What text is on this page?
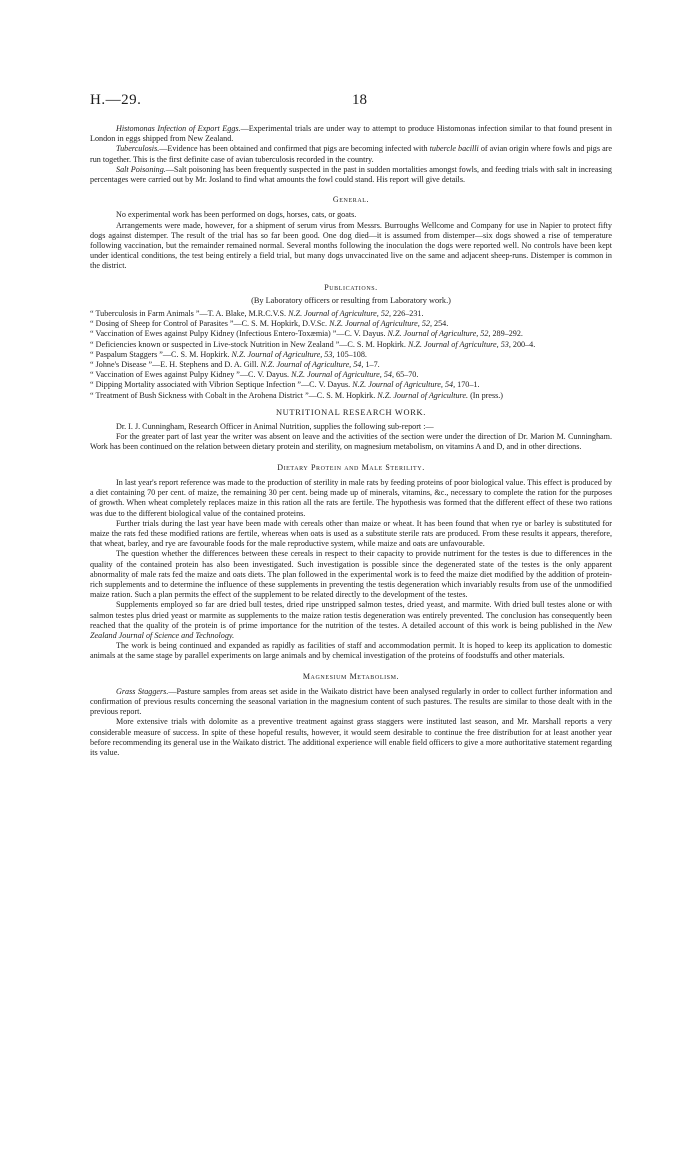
H.—29.	18

Histomonas Infection of Export Eggs.—Experimental trials are under way to attempt to produce Histomonas infection similar to that found present in London in eggs shipped from New Zealand.

Tuberculosis.—Evidence has been obtained and confirmed that pigs are becoming infected with tubercle bacilli of avian origin where fowls and pigs are run together. This is the first definite case of avian tuberculosis recorded in the country.

Salt Poisoning.—Salt poisoning has been frequently suspected in the past in sudden mortalities amongst fowls, and feeding trials with salt in increasing percentages were carried out by Mr. Josland to find what amounts the fowl could stand. His report will give details.

General.

No experimental work has been performed on dogs, horses, cats, or goats.

Arrangements were made, however, for a shipment of serum virus from Messrs. Burroughs Wellcome and Company for use in Napier to protect fifty dogs against distemper. The result of the trial has so far been good. One dog died—it is assumed from distemper—six dogs showed a rise of temperature following vaccination, but the remainder remained normal. Several months following the inoculation the dogs were reported well. No controls have been kept under identical conditions, the test being entirely a field trial, but many dogs unvaccinated live on the same and adjacent sheep-runs. Distemper is common in the district.

Publications.
(By Laboratory officers or resulting from Laboratory work.)
“ Tuberculosis in Farm Animals ”—T. A. Blake, M.R.C.V.S. N.Z. Journal of Agriculture, 52, 226–231.
“ Dosing of Sheep for Control of Parasites ”—C. S. M. Hopkirk, D.V.Sc. N.Z. Journal of Agriculture, 52, 254.
“ Vaccination of Ewes against Pulpy Kidney (Infectious Entero-Toxæmia) ”—C. V. Dayus. N.Z. Journal of Agriculture, 52, 289–292.
“ Deficiencies known or suspected in Live-stock Nutrition in New Zealand ”—C. S. M. Hopkirk. N.Z. Journal of Agriculture, 53, 200–4.
“ Paspalum Staggers ”—C. S. M. Hopkirk. N.Z. Journal of Agriculture, 53, 105–108.
“ Johne's Disease ”—E. H. Stephens and D. A. Gill. N.Z. Journal of Agriculture, 54, 1–7.
“ Vaccination of Ewes against Pulpy Kidney ”—C. V. Dayus. N.Z. Journal of Agriculture, 54, 65–70.
“ Dipping Mortality associated with Vibrion Septique Infection ”—C. V. Dayus. N.Z. Journal of Agriculture, 54, 170–1.
“ Treatment of Bush Sickness with Cobalt in the Arohena District ”—C. S. M. Hopkirk. N.Z. Journal of Agriculture. (In press.)
NUTRITIONAL RESEARCH WORK.

Dr. I. J. Cunningham, Research Officer in Animal Nutrition, supplies the following sub-report :—

For the greater part of last year the writer was absent on leave and the activities of the section were under the direction of Dr. Marion M. Cunningham. Work has been continued on the relation between dietary protein and sterility, on magnesium metabolism, on vitamins A and D, and in other directions.

Dietary Protein and Male Sterility.

In last year's report reference was made to the production of sterility in male rats by feeding proteins of poor biological value. This effect is produced by a diet containing 70 per cent. of maize, the remaining 30 per cent. being made up of minerals, vitamins, &c., necessary to complete the ration for the purposes of growth. When wheat completely replaces maize in this ration all the rats are fertile. The hypothesis was formed that the different effect of these two rations was due to the different biological value of the contained proteins.

Further trials during the last year have been made with cereals other than maize or wheat. It has been found that when rye or barley is substituted for maize the rats fed these modified rations are fertile, whereas when oats is used as a substitute sterile rats are produced. From these results it appears, therefore, that wheat, barley, and rye are favourable foods for the male reproductive system, while maize and oats are unfavourable.

The question whether the differences between these cereals in respect to their capacity to provide nutriment for the testes is due to differences in the quality of the contained protein has also been investigated. Such investigation is possible since the degenerated state of the testes is the only apparent abnormality of male rats fed the maize and oats diets. The plan followed in the experimental work is to feed the maize diet modified by the addition of protein-rich supplements and to determine the influence of these supplements in preventing the testis degeneration which invariably results from use of the unmodified maize ration. Such a plan permits the effect of the supplement to be related directly to the development of the testes.

Supplements employed so far are dried bull testes, dried ripe unstripped salmon testes, dried yeast, and marmite. With dried bull testes alone or with salmon testes plus dried yeast or marmite as supplements to the maize ration testis degeneration was entirely prevented. The conclusion has consequently been reached that the quality of the protein is of prime importance for the nutrition of the testes. A detailed account of this work is being published in the New Zealand Journal of Science and Technology.

The work is being continued and expanded as rapidly as facilities of staff and accommodation permit. It is hoped to keep its application to domestic animals at the same stage by parallel experiments on large animals and by chemical investigation of the proteins of foodstuffs and other materials.

Magnesium Metabolism.

Grass Staggers.—Pasture samples from areas set aside in the Waikato district have been analysed regularly in order to collect further information and confirmation of previous results concerning the seasonal variation in the magnesium content of such pastures. The results are similar to those dealt with in the previous report.

More extensive trials with dolomite as a preventive treatment against grass staggers were instituted last season, and Mr. Marshall reports a very considerable measure of success. In spite of these hopeful results, however, it would seem desirable to continue the free distribution for at least another year before recommending its general use in the Waikato district. The additional experience will enable field officers to give a more authoritative statement regarding its value.
